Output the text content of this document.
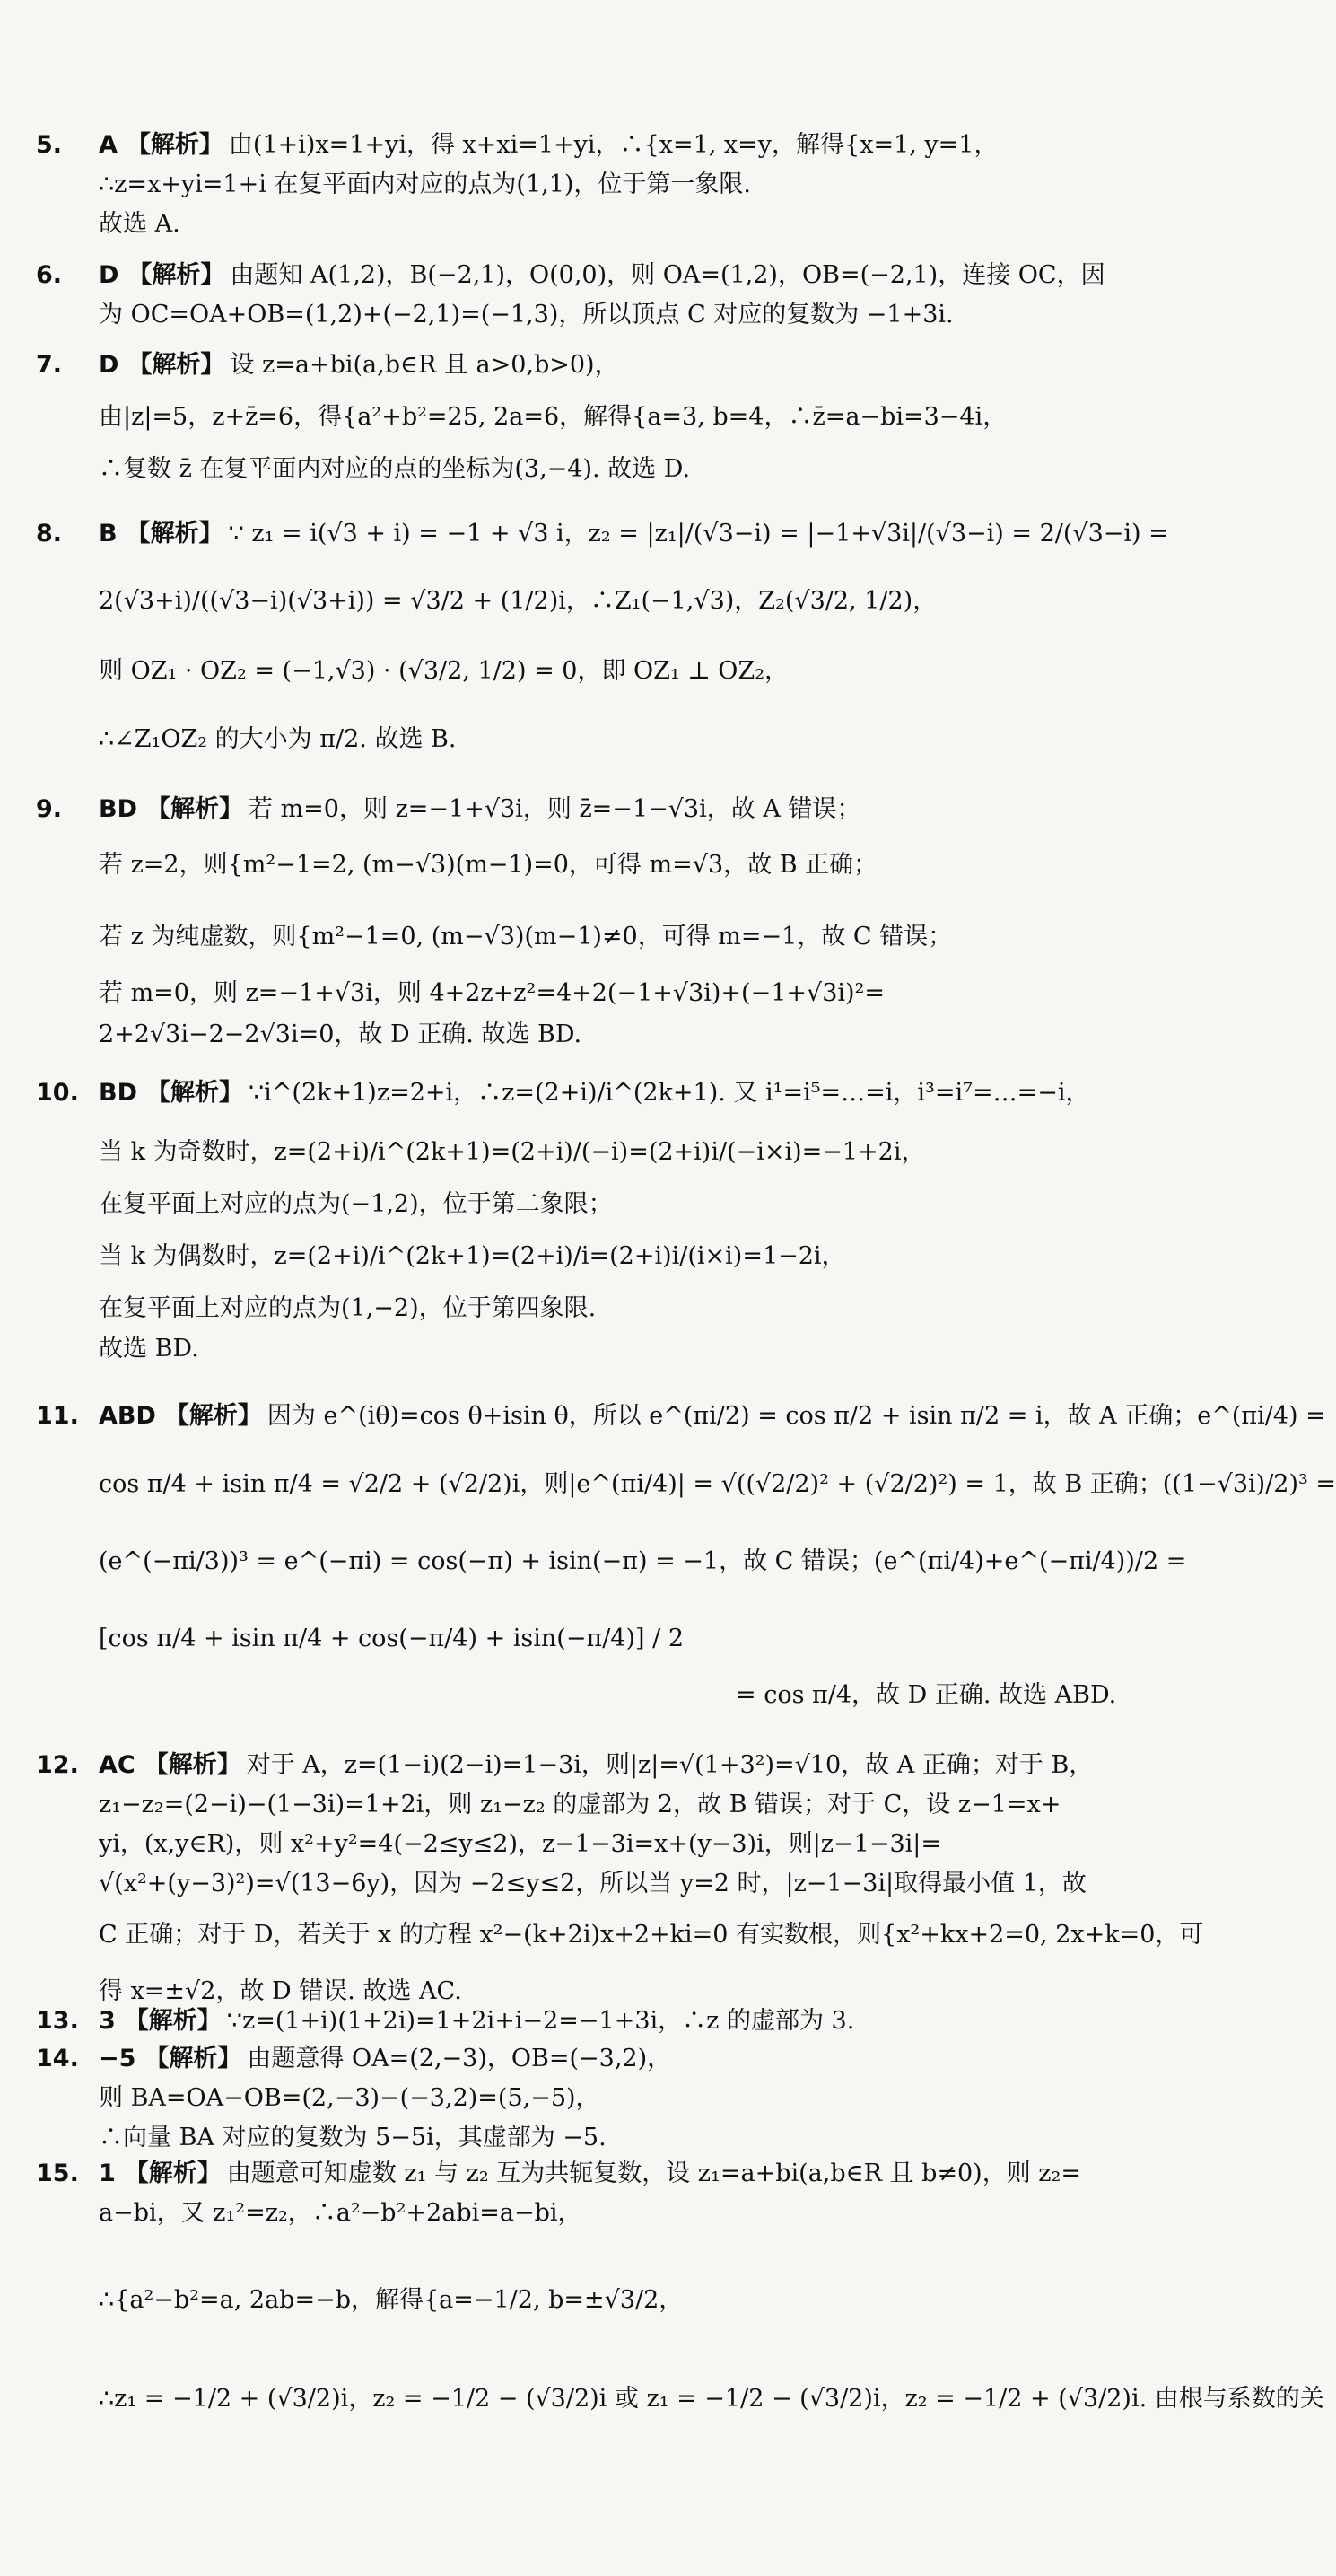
5. A 【解析】 由(1+i)x=1+yi，得 x+xi=1+yi，∴{x=1, x=y，解得{x=1, y=1，
∴z=x+yi=1+i 在复平面内对应的点为(1,1)，位于第一象限.
故选 A.
6. D 【解析】 由题知 A(1,2)，B(−2,1)，O(0,0)，则 OA=(1,2)，OB=(−2,1)，连接 OC，因
为 OC=OA+OB=(1,2)+(−2,1)=(−1,3)，所以顶点 C 对应的复数为 −1+3i.
7. D 【解析】 设 z=a+bi(a,b∈R 且 a>0,b>0)，
由|z|=5，z+z̄=6，得{a²+b²=25, 2a=6，解得{a=3, b=4，∴z̄=a−bi=3−4i，
∴复数 z̄ 在复平面内对应的点的坐标为(3,−4). 故选 D.
8. B 【解析】 ∵ z₁ = i(√3 + i) = −1 + √3 i，z₂ = |z₁|/(√3−i) = |−1+√3i|/(√3−i) = 2/(√3−i) =
2(√3+i)/((√3−i)(√3+i)) = √3/2 + (1/2)i，∴Z₁(−1,√3)，Z₂(√3/2, 1/2)，
则 OZ₁ · OZ₂ = (−1,√3) · (√3/2, 1/2) = 0，即 OZ₁ ⊥ OZ₂，
∴∠Z₁OZ₂ 的大小为 π/2. 故选 B.
9. BD 【解析】 若 m=0，则 z=−1+√3i，则 z̄=−1−√3i，故 A 错误；
若 z=2，则{m²−1=2, (m−√3)(m−1)=0，可得 m=√3，故 B 正确；
若 z 为纯虚数，则{m²−1=0, (m−√3)(m−1)≠0，可得 m=−1，故 C 错误；
若 m=0，则 z=−1+√3i，则 4+2z+z²=4+2(−1+√3i)+(−1+√3i)²=
2+2√3i−2−2√3i=0，故 D 正确. 故选 BD.
10. BD 【解析】 ∵i^(2k+1)z=2+i，∴z=(2+i)/i^(2k+1). 又 i¹=i⁵=…=i，i³=i⁷=…=−i，
当 k 为奇数时，z=(2+i)/i^(2k+1)=(2+i)/(−i)=(2+i)i/(−i×i)=−1+2i，
在复平面上对应的点为(−1,2)，位于第二象限；
当 k 为偶数时，z=(2+i)/i^(2k+1)=(2+i)/i=(2+i)i/(i×i)=1−2i，
在复平面上对应的点为(1,−2)，位于第四象限.
故选 BD.
11. ABD 【解析】 因为 e^(iθ)=cos θ+isin θ，所以 e^(πi/2) = cos π/2 + isin π/2 = i，故 A 正确；e^(πi/4) =
cos π/4 + isin π/4 = √2/2 + (√2/2)i，则|e^(πi/4)| = √((√2/2)² + (√2/2)²) = 1，故 B 正确；((1−√3i)/2)³ =
(e^(−πi/3))³ = e^(−πi) = cos(−π) + isin(−π) = −1，故 C 错误；(e^(πi/4)+e^(−πi/4))/2 =
[cos π/4 + isin π/4 + cos(−π/4) + isin(−π/4)] / 2
= cos π/4，故 D 正确. 故选 ABD.
12. AC 【解析】 对于 A，z=(1−i)(2−i)=1−3i，则|z|=√(1+3²)=√10，故 A 正确；对于 B，
z₁−z₂=(2−i)−(1−3i)=1+2i，则 z₁−z₂ 的虚部为 2，故 B 错误；对于 C，设 z−1=x+
yi，(x,y∈R)，则 x²+y²=4(−2≤y≤2)，z−1−3i=x+(y−3)i，则|z−1−3i|=
√(x²+(y−3)²)=√(13−6y)，因为 −2≤y≤2，所以当 y=2 时，|z−1−3i|取得最小值 1，故
C 正确；对于 D，若关于 x 的方程 x²−(k+2i)x+2+ki=0 有实数根，则{x²+kx+2=0, 2x+k=0，可
得 x=±√2，故 D 错误. 故选 AC.
13. 3 【解析】 ∵z=(1+i)(1+2i)=1+2i+i−2=−1+3i，∴z 的虚部为 3.
14. −5 【解析】 由题意得 OA=(2,−3)，OB=(−3,2)，
则 BA=OA−OB=(2,−3)−(−3,2)=(5,−5)，
∴向量 BA 对应的复数为 5−5i，其虚部为 −5.
15. 1 【解析】 由题意可知虚数 z₁ 与 z₂ 互为共轭复数，设 z₁=a+bi(a,b∈R 且 b≠0)，则 z₂=
a−bi，又 z₁²=z₂，∴a²−b²+2abi=a−bi，
∴{a²−b²=a, 2ab=−b，解得{a=−1/2, b=±√3/2，
∴z₁ = −1/2 + (√3/2)i，z₂ = −1/2 − (√3/2)i 或 z₁ = −1/2 − (√3/2)i，z₂ = −1/2 + (√3/2)i. 由根与系数的关
